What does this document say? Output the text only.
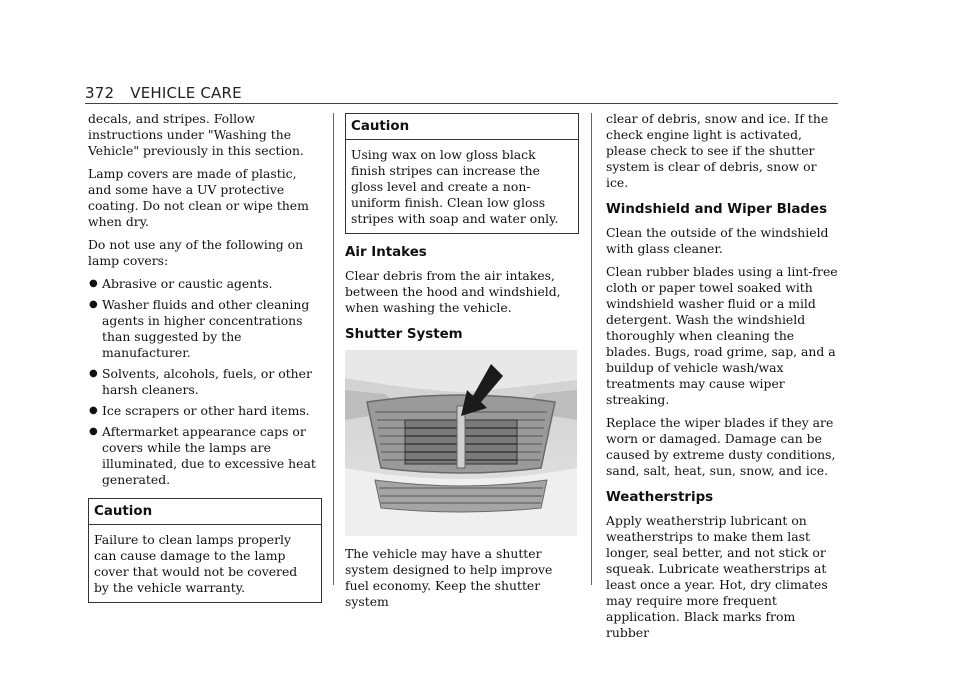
372 VEHICLE CARE

decals, and stripes. Follow instructions under "Washing the Vehicle" previously in this section.

Lamp covers are made of plastic, and some have a UV protective coating. Do not clean or wipe them when dry.

Do not use any of the following on lamp covers:

● Abrasive or caustic agents.
● Washer fluids and other cleaning agents in higher concentrations than suggested by the manufacturer.
● Solvents, alcohols, fuels, or other harsh cleaners.
● Ice scrapers or other hard items.
● Aftermarket appearance caps or covers while the lamps are illuminated, due to excessive heat generated.
Caution
Failure to clean lamps properly can cause damage to the lamp cover that would not be covered by the vehicle warranty.
Caution
Using wax on low gloss black finish stripes can increase the gloss level and create a non-uniform finish. Clean low gloss stripes with soap and water only.
Air Intakes

Clear debris from the air intakes, between the hood and windshield, when washing the vehicle.

Shutter System

The vehicle may have a shutter system designed to help improve fuel economy. Keep the shutter system

clear of debris, snow and ice. If the check engine light is activated, please check to see if the shutter system is clear of debris, snow or ice.

Windshield and Wiper Blades

Clean the outside of the windshield with glass cleaner.

Clean rubber blades using a lint-free cloth or paper towel soaked with windshield washer fluid or a mild detergent. Wash the windshield thoroughly when cleaning the blades. Bugs, road grime, sap, and a buildup of vehicle wash/wax treatments may cause wiper streaking.

Replace the wiper blades if they are worn or damaged. Damage can be caused by extreme dusty conditions, sand, salt, heat, sun, snow, and ice.

Weatherstrips

Apply weatherstrip lubricant on weatherstrips to make them last longer, seal better, and not stick or squeak. Lubricate weatherstrips at least once a year. Hot, dry climates may require more frequent application. Black marks from rubber
